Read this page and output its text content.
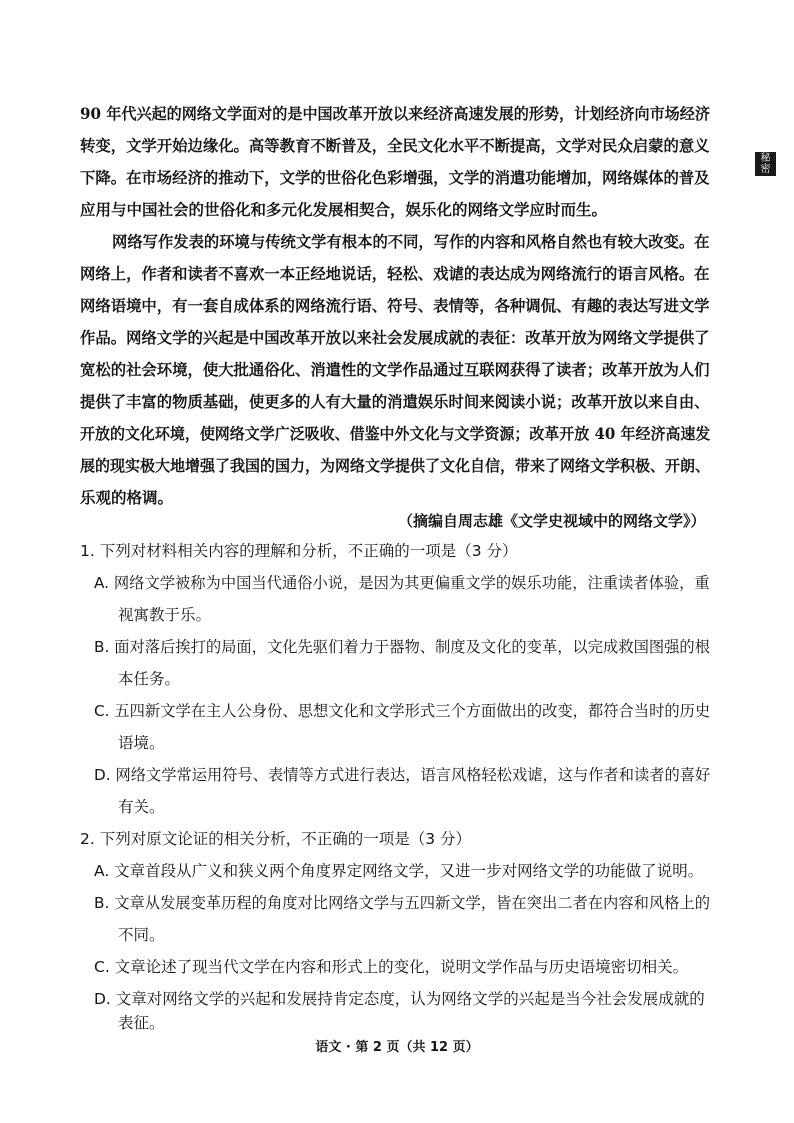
秘
密
90 年代兴起的网络文学面对的是中国改革开放以来经济高速发展的形势，计划经济向市场经济
转变，文学开始边缘化。高等教育不断普及，全民文化水平不断提高，文学对民众启蒙的意义
下降。在市场经济的推动下，文学的世俗化色彩增强，文学的消遣功能增加，网络媒体的普及
应用与中国社会的世俗化和多元化发展相契合，娱乐化的网络文学应时而生。
网络写作发表的环境与传统文学有根本的不同，写作的内容和风格自然也有较大改变。在
网络上，作者和读者不喜欢一本正经地说话，轻松、戏谑的表达成为网络流行的语言风格。在
网络语境中，有一套自成体系的网络流行语、符号、表情等，各种调侃、有趣的表达写进文学
作品。网络文学的兴起是中国改革开放以来社会发展成就的表征：改革开放为网络文学提供了
宽松的社会环境，使大批通俗化、消遣性的文学作品通过互联网获得了读者；改革开放为人们
提供了丰富的物质基础，使更多的人有大量的消遣娱乐时间来阅读小说；改革开放以来自由、
开放的文化环境，使网络文学广泛吸收、借鉴中外文化与文学资源；改革开放 40 年经济高速发
展的现实极大地增强了我国的国力，为网络文学提供了文化自信，带来了网络文学积极、开朗、
乐观的格调。
（摘编自周志雄《文学史视域中的网络文学》）
1. 下列对材料相关内容的理解和分析，不正确的一项是（3 分）
A. 网络文学被称为中国当代通俗小说，是因为其更偏重文学的娱乐功能，注重读者体验，重
视寓教于乐。
B. 面对落后挨打的局面，文化先驱们着力于器物、制度及文化的变革，以完成救国图强的根
本任务。
C. 五四新文学在主人公身份、思想文化和文学形式三个方面做出的改变，都符合当时的历史
语境。
D. 网络文学常运用符号、表情等方式进行表达，语言风格轻松戏谑，这与作者和读者的喜好
有关。
2. 下列对原文论证的相关分析，不正确的一项是（3 分）
A. 文章首段从广义和狭义两个角度界定网络文学，又进一步对网络文学的功能做了说明。
B. 文章从发展变革历程的角度对比网络文学与五四新文学，皆在突出二者在内容和风格上的
不同。
C. 文章论述了现当代文学在内容和形式上的变化，说明文学作品与历史语境密切相关。
D. 文章对网络文学的兴起和发展持肯定态度，认为网络文学的兴起是当今社会发展成就的
表征。
语文 · 第 2 页（共 12 页）
